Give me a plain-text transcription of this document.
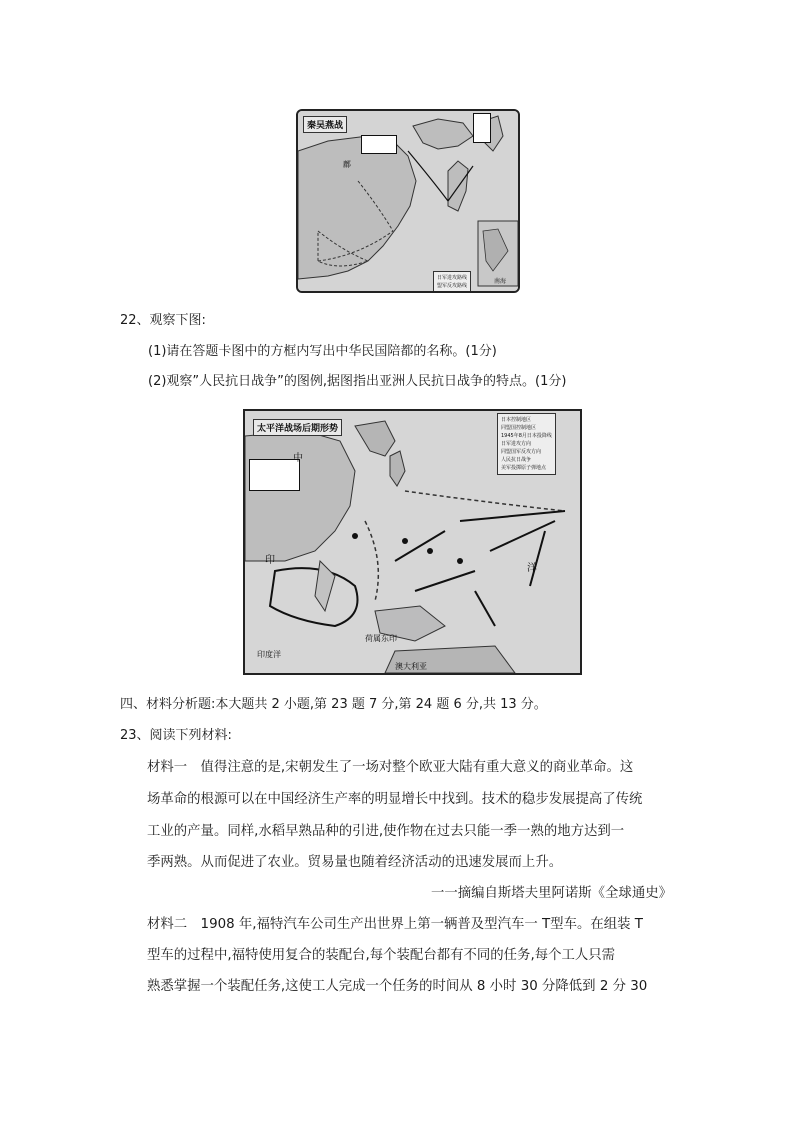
秦吴燕战
鄜
日军进攻路线
盟军反攻路线
南海
22、观察下图:
(1)请在答题卡图中的方框内写出中华民国陪都的名称。(1分)
(2)观察”人民抗日战争”的图例,据图指出亚洲人民抗日战争的特点。(1分)
太平洋战场后期形势
中
印
洋
荷属东印
印度洋
澳大利亚
日本控制地区
同盟国控制地区
1945年8月日本投降线
日军进攻方向
同盟国军反攻方向
人民抗日战争
美军投掷原子弹地点
四、材料分析题:本大题共 2 小题,第 23 题 7 分,第 24 题 6 分,共 13 分。
23、阅读下列材料:
材料一　值得注意的是,宋朝发生了一场对整个欧亚大陆有重大意义的商业革命。这
场革命的根源可以在中国经济生产率的明显增长中找到。技术的稳步发展提高了传统
工业的产量。同样,水稻早熟品种的引进,使作物在过去只能一季一熟的地方达到一
季两熟。从而促进了农业。贸易量也随着经济活动的迅速发展而上升。
一一摘编自斯塔夫里阿诺斯《全球通史》
材料二　1908 年,福特汽车公司生产出世界上第一辆普及型汽车一 T型车。在组装 T
型车的过程中,福特使用复合的装配台,每个装配台都有不同的任务,每个工人只需
熟悉掌握一个装配任务,这使工人完成一个任务的时间从 8 小时 30 分降低到 2 分 30
